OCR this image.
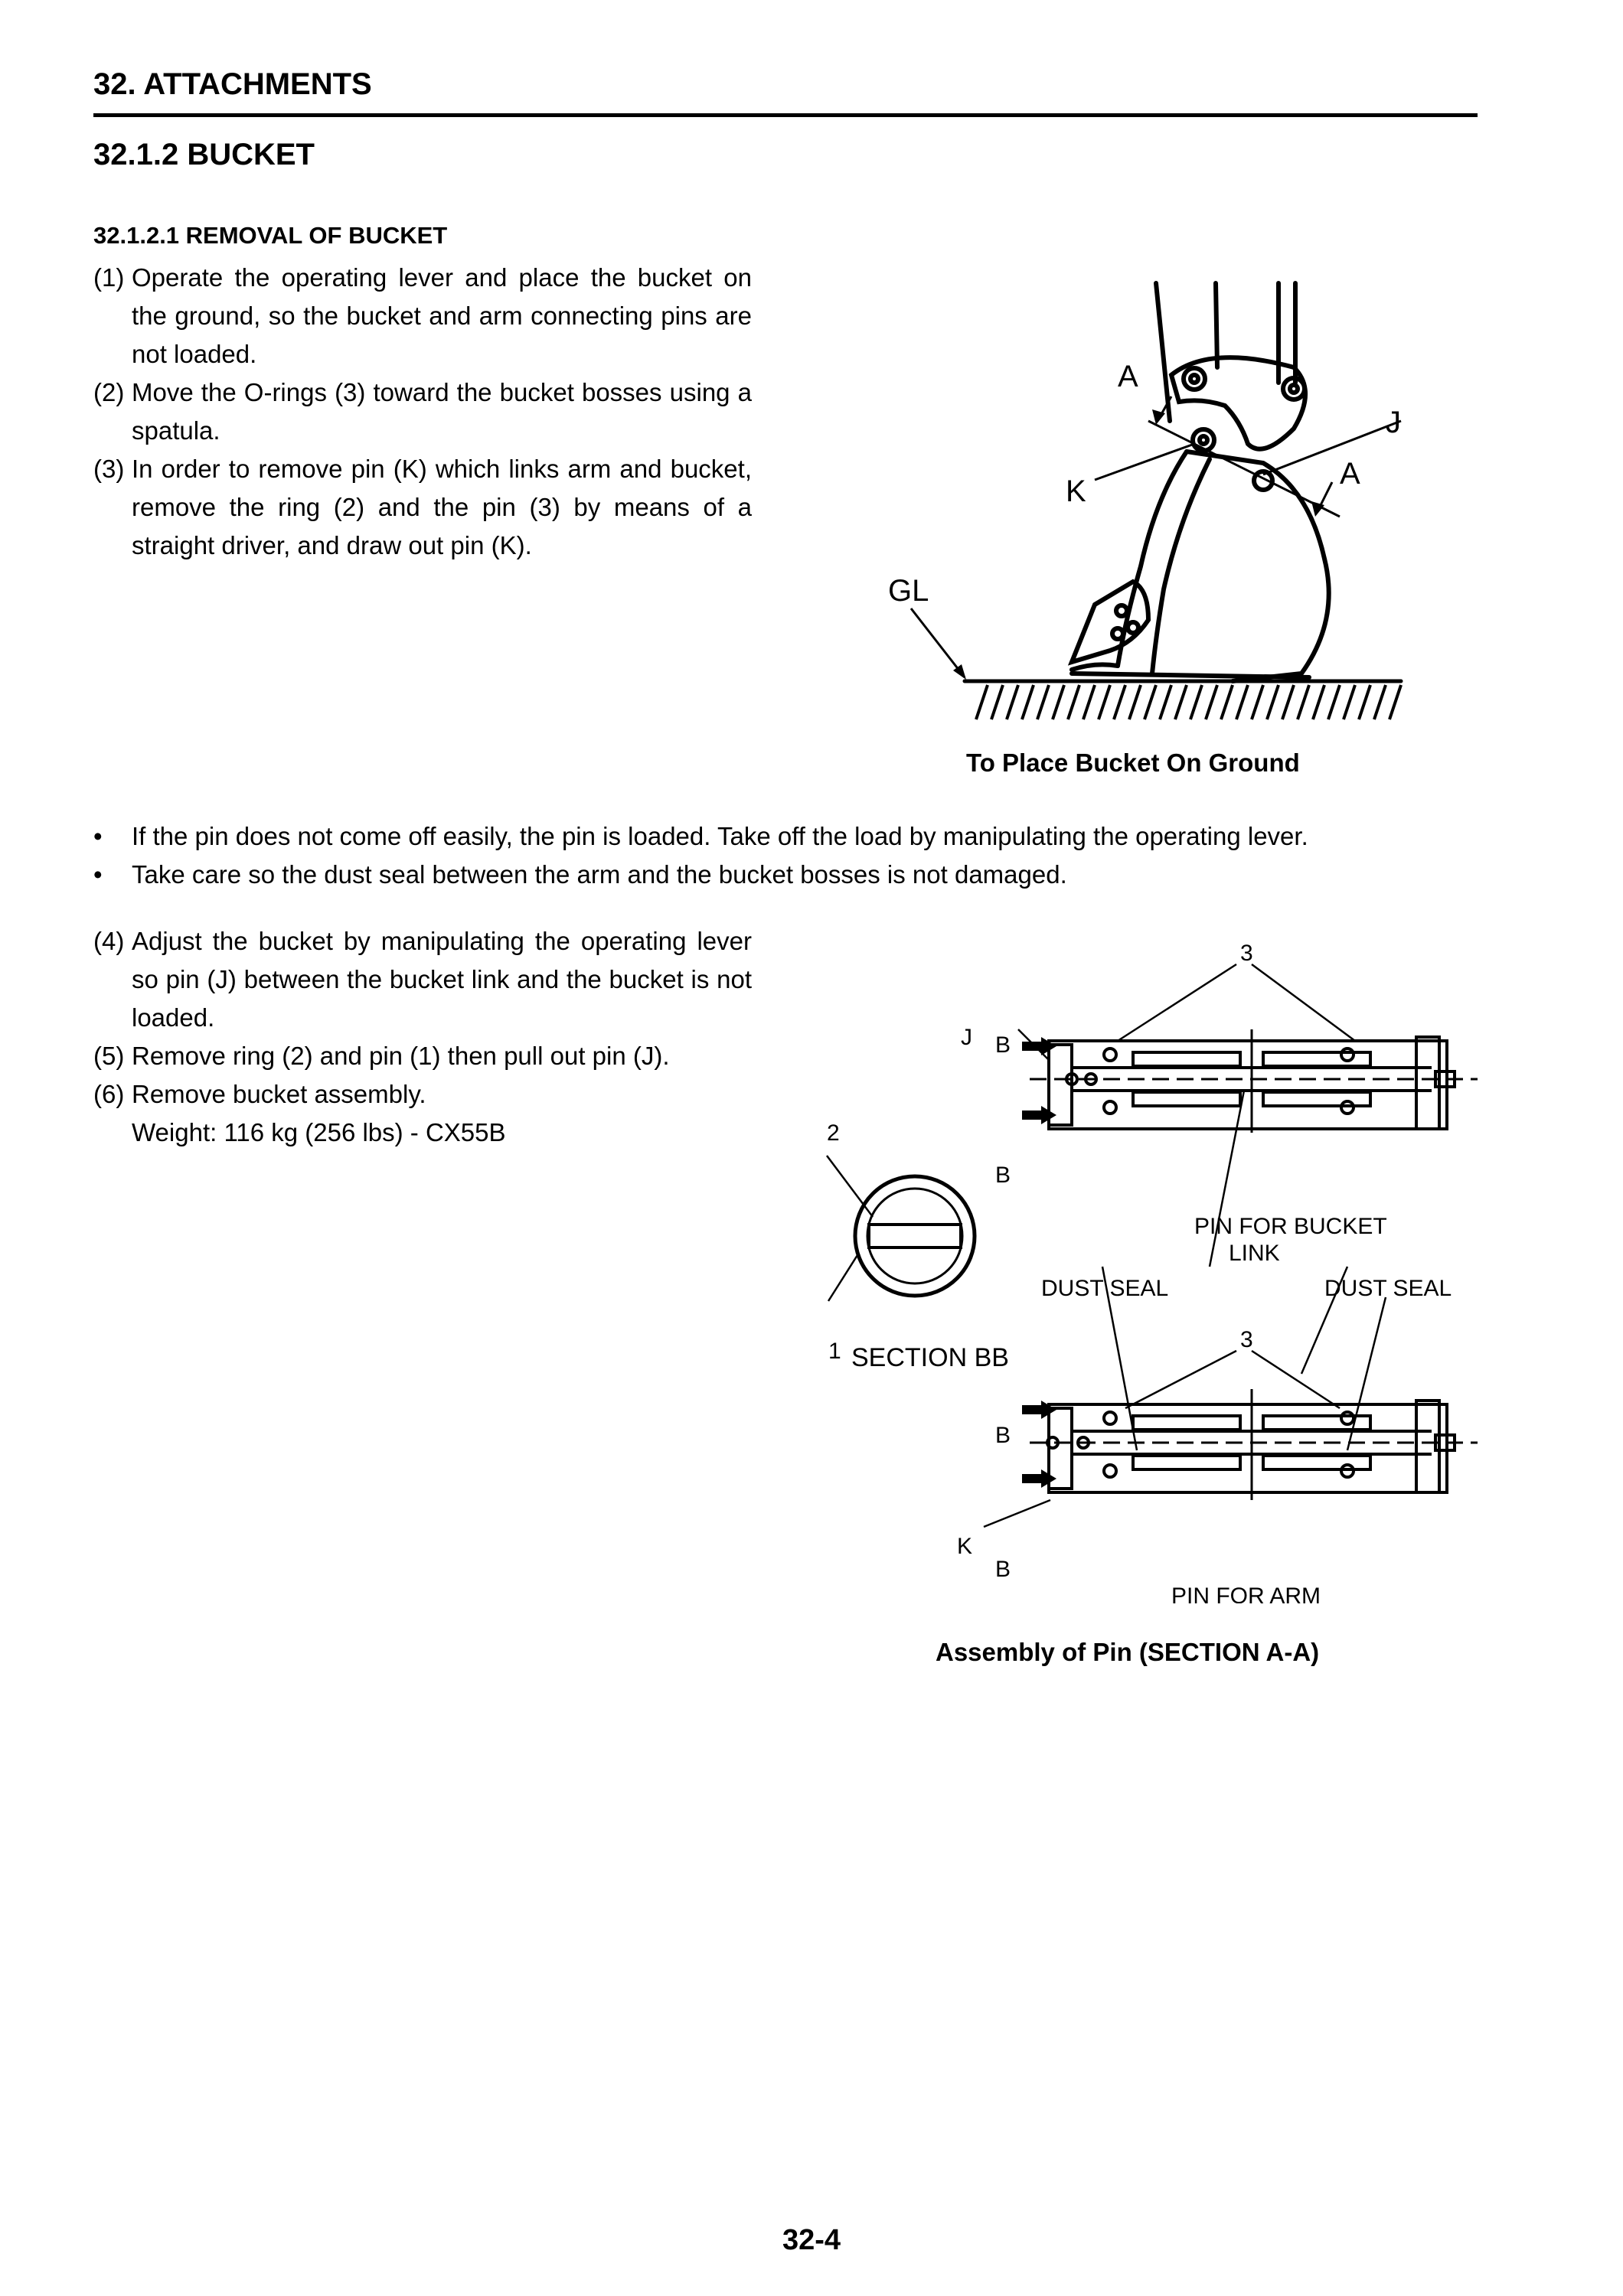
32. ATTACHMENTS
32.1.2 BUCKET
32.1.2.1 REMOVAL OF BUCKET
(1) Operate the operating lever and place the bucket on the ground, so the bucket and arm connecting pins are not loaded.
(2) Move the O-rings (3) toward the bucket bosses using a spatula.
(3) In order to remove pin (K) which links arm and bucket, remove the ring (2) and the pin (3) by means of a straight driver, and draw out pin (K).
A
A
J
K
GL
To Place Bucket On Ground
•	If the pin does not come off easily, the pin is loaded. Take off the load by manipulating the operating lever.
•	Take care so the dust seal between the arm and the bucket bosses is not damaged.
(4) Adjust the bucket by manipulating the operating lever so pin (J) between the bucket link and the bucket is not loaded.
(5) Remove ring (2) and pin (1) then pull out pin (J).
(6) Remove bucket assembly.
Weight: 116 kg (256 lbs) - CX55B
3
3
J
K
B
B
B
B
2
1 SECTION BB
PIN FOR BUCKET
LINK
DUST SEAL	DUST SEAL
PIN FOR ARM
Assembly of Pin (SECTION A-A)
32-4
